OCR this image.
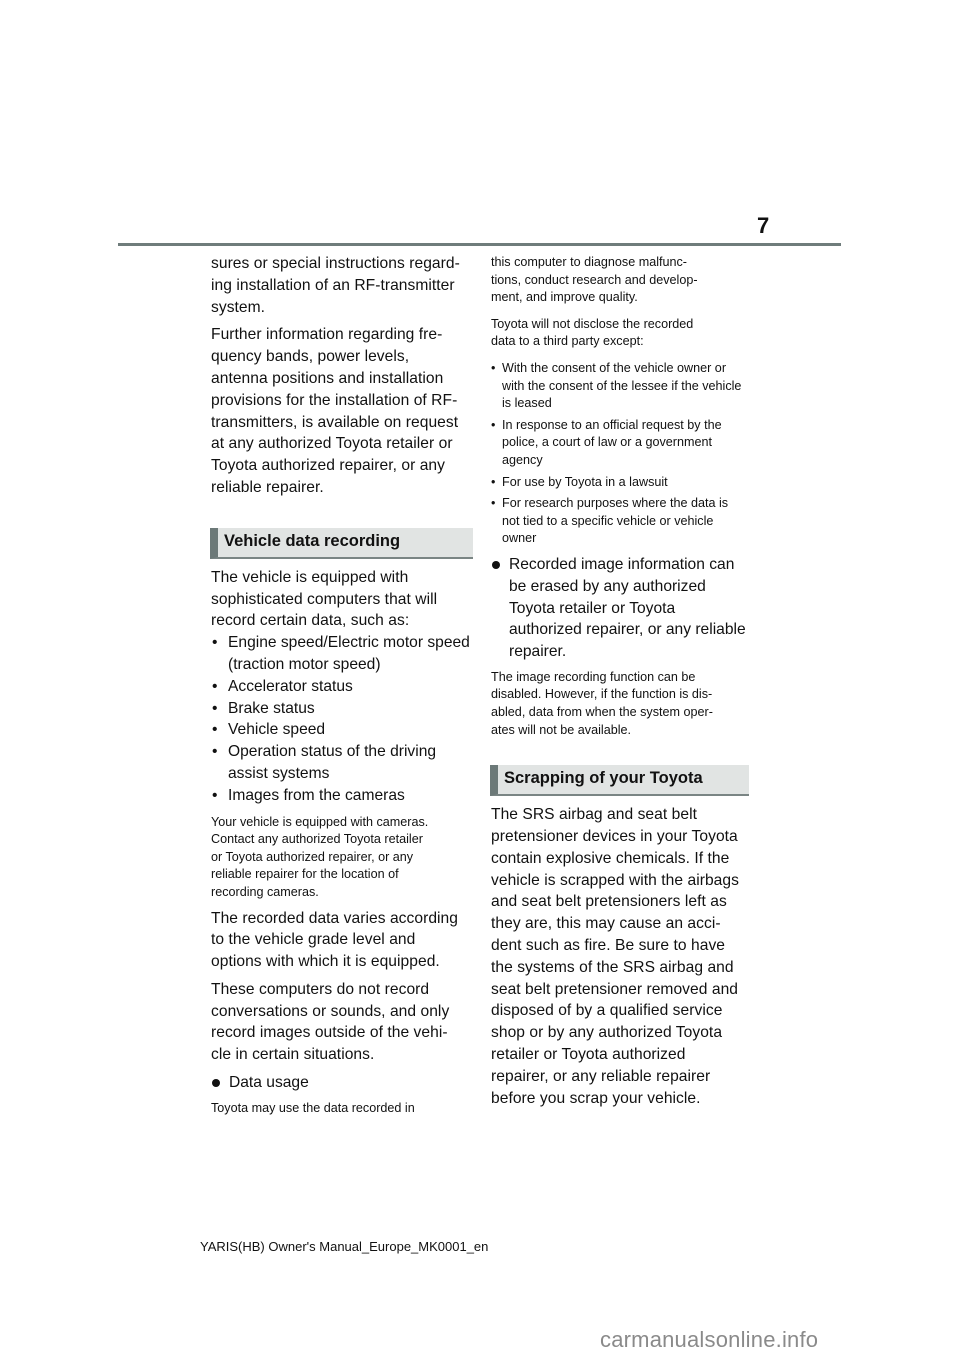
7

sures or special instructions regard-
ing installation of an RF-transmitter
system.

Further information regarding fre-
quency bands, power levels,
antenna positions and installation
provisions for the installation of RF-
transmitters, is available on request
at any authorized Toyota retailer or
Toyota authorized repairer, or any
reliable repairer.

Vehicle data recording

The vehicle is equipped with
sophisticated computers that will
record certain data, such as:

• Engine speed/Electric motor speed (traction motor speed)
• Accelerator status
• Brake status
• Vehicle speed
• Operation status of the driving assist systems
• Images from the cameras

Your vehicle is equipped with cameras.
Contact any authorized Toyota retailer
or Toyota authorized repairer, or any
reliable repairer for the location of
recording cameras.

The recorded data varies according
to the vehicle grade level and
options with which it is equipped.

These computers do not record
conversations or sounds, and only
record images outside of the vehi-
cle in certain situations.

Data usage

Toyota may use the data recorded in

this computer to diagnose malfunc-
tions, conduct research and develop-
ment, and improve quality.

Toyota will not disclose the recorded
data to a third party except:

• With the consent of the vehicle owner or with the consent of the lessee if the vehicle is leased
• In response to an official request by the police, a court of law or a government agency
• For use by Toyota in a lawsuit
• For research purposes where the data is not tied to a specific vehicle or vehicle owner
Recorded image information can be erased by any authorized Toyota retailer or Toyota authorized repairer, or any reliable repairer.

The image recording function can be
disabled. However, if the function is dis-
abled, data from when the system oper-
ates will not be available.

Scrapping of your Toyota

The SRS airbag and seat belt
pretensioner devices in your Toyota
contain explosive chemicals. If the
vehicle is scrapped with the airbags
and seat belt pretensioners left as
they are, this may cause an acci-
dent such as fire. Be sure to have
the systems of the SRS airbag and
seat belt pretensioner removed and
disposed of by a qualified service
shop or by any authorized Toyota
retailer or Toyota authorized
repairer, or any reliable repairer
before you scrap your vehicle.

YARIS(HB) Owner's Manual_Europe_MK0001_en
carmanualsonline.info
